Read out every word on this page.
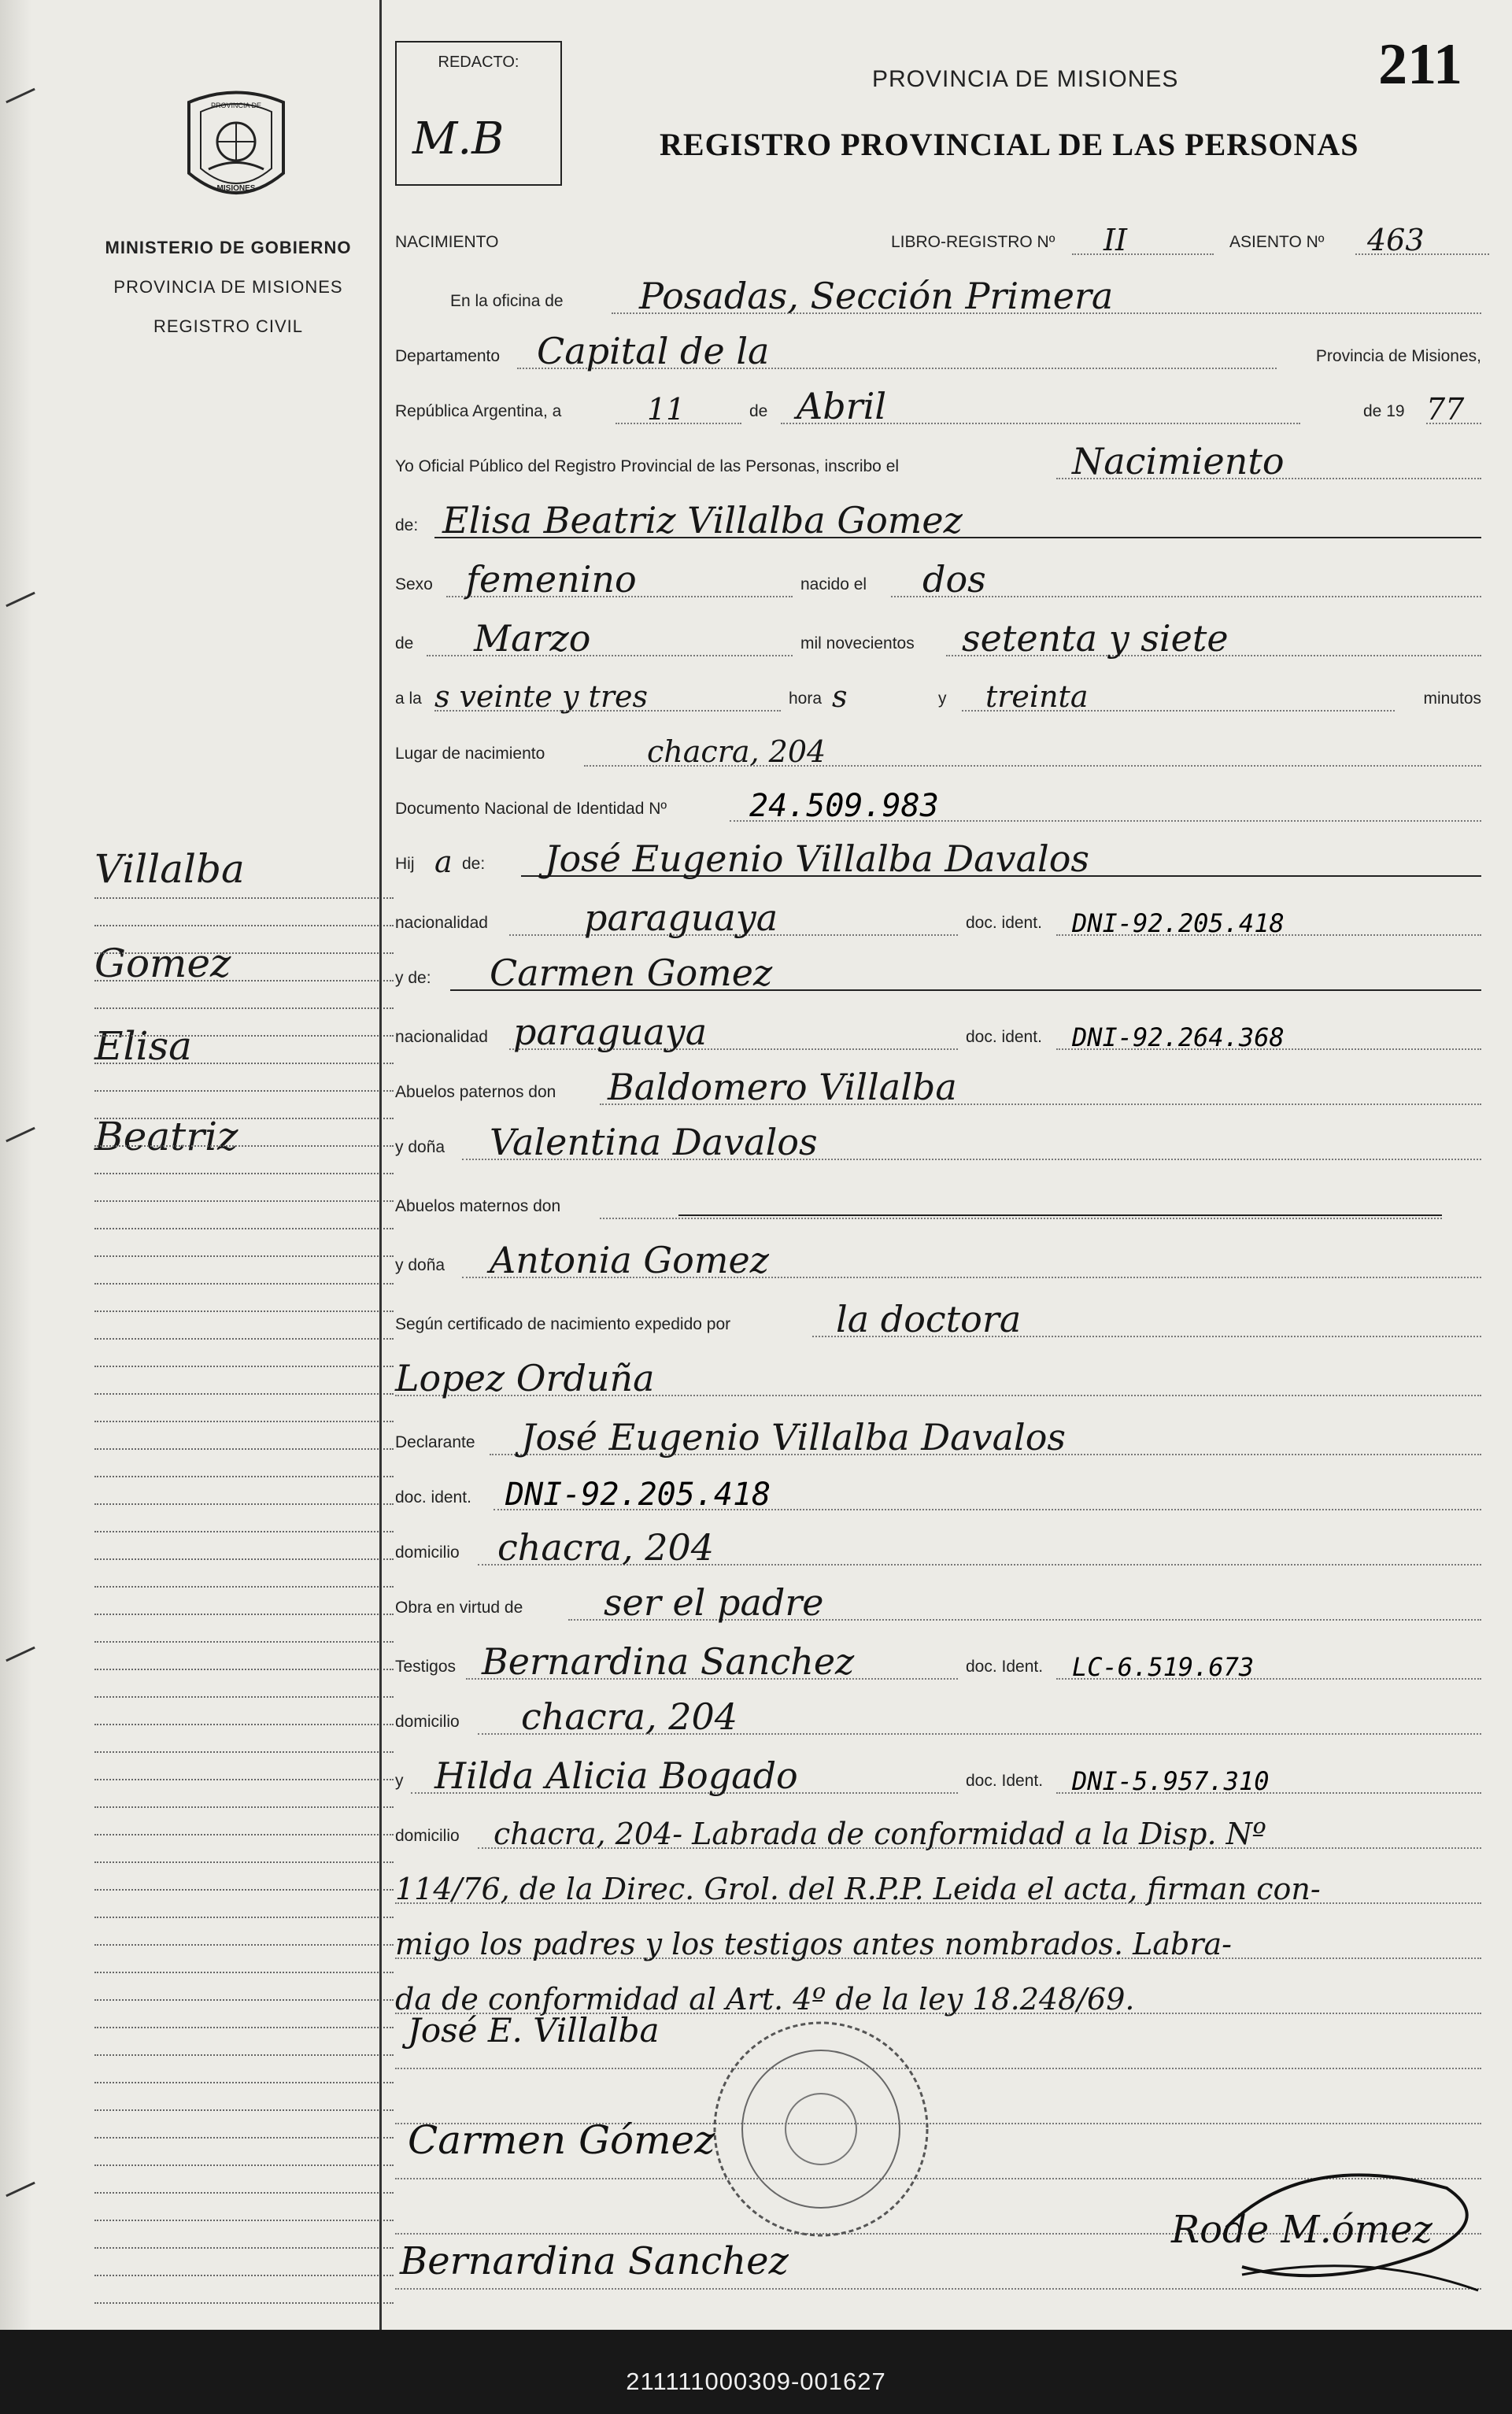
PROVINCIA DE
MISIONES
MINISTERIO DE GOBIERNO
PROVINCIA DE MISIONES
REGISTRO CIVIL
Villalba
Gomez
Elisa
Beatriz
REDACTO:
M.B
211
PROVINCIA DE MISIONES
REGISTRO PROVINCIAL DE LAS PERSONAS
NACIMIENTO	LIBRO-REGISTRO Nº II	ASIENTO Nº 463
En la oficina de Posadas, Sección Primera
Departamento Capital de la	Provincia de Misiones,
República Argentina, a	11	de Abril	de 19 77
Yo Oficial Público del Registro Provincial de las Personas, inscribo el	Nacimiento
de: Elisa Beatriz Villalba Gomez
Sexo femenino	nacido el dos
de Marzo	mil novecientos setenta y siete
a la s veinte y tres	hora s	y treinta	minutos
Lugar de nacimiento	chacra, 204
Documento Nacional de Identidad Nº	24.509.983
Hij a de: José Eugenio Villalba Davalos
nacionalidad	paraguaya	doc. ident. DNI-92.205.418
y de: Carmen Gomez
nacionalidad paraguaya	doc. ident. DNI-92.264.368
Abuelos paternos don Baldomero Villalba
y doña Valentina Davalos
Abuelos maternos don
y doña Antonia Gomez
Según certificado de nacimiento expedido por	la doctora
Lopez Orduña
Declarante José Eugenio Villalba Davalos
doc. ident. DNI-92.205.418
domicilio chacra, 204
Obra en virtud de ser el padre
Testigos Bernardina Sanchez	doc. Ident. LC-6.519.673
domicilio chacra, 204
y Hilda Alicia Bogado	doc. Ident. DNI-5.957.310
domicilio chacra, 204- Labrada de conformidad a la Disp. Nº
114/76, de la Direc. Grol. del R.P.P. Leida el acta, firman con-
migo los padres y los testigos antes nombrados. Labra-
da de conformidad al Art. 4º de la ley 18.248/69.
José E. Villalba
Carmen Gómez
Bernardina Sanchez
Rode M.ómez
211111000309-001627
